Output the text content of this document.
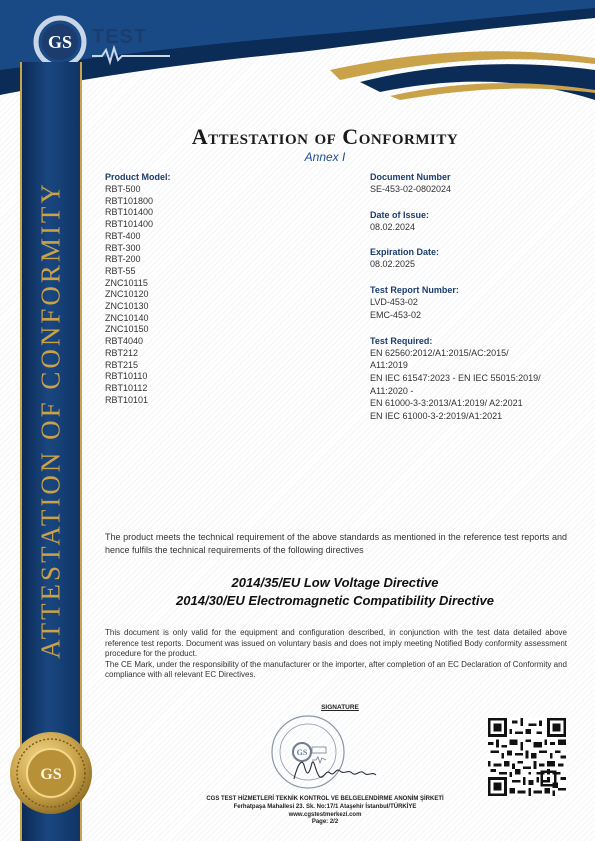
GS TEST
ATTESTATION OF CONFORMITY
GS
Attestation of Conformity
Annex I
Product Model:
RBT-500
RBT101800
RBT101400
RBT101400
RBT-400
RBT-300
RBT-200
RBT-55
ZNC10115
ZNC10120
ZNC10130
ZNC10140
ZNC10150
RBT4040
RBT212
RBT215
RBT10110
RBT10112
RBT10101
Document Number
SE-453-02-0802024
Date of Issue:
08.02.2024
Expiration Date:
08.02.2025
Test Report Number:
LVD-453-02
EMC-453-02
Test Required:
EN 62560:2012/A1:2015/AC:2015/
A11:2019
EN IEC 61547:2023 - EN IEC 55015:2019/
A11:2020 -
EN 61000-3-3:2013/A1:2019/ A2:2021
EN IEC 61000-3-2:2019/A1:2021
The product meets the technical requirement of the above standards as mentioned in the reference test reports and hence fulfils the technical requirements of the following directives
2014/35/EU Low Voltage Directive
2014/30/EU Electromagnetic Compatibility Directive
This document is only valid for the equipment and configuration described, in conjunction with the test data detailed above reference test reports. Document was issued on voluntary basis and does not imply meeting Notified Body conformity assessment procedure for the product.
The CE Mark, under the responsibility of the manufacturer or the importer, after completion of an EC Declaration of Conformity and compliance with all relevant EC Directives.
SIGNATURE
GS
CGS TEST HİZMETLERİ TEKNİK KONTROL VE BELGELENDİRME ANONİM ŞİRKETİ
Ferhatpaşa Mahallesi 23. Sk. No:17/1 Ataşehir İstanbul/TÜRKİYE
www.cgstestmerkezi.com
Page: 2/2
